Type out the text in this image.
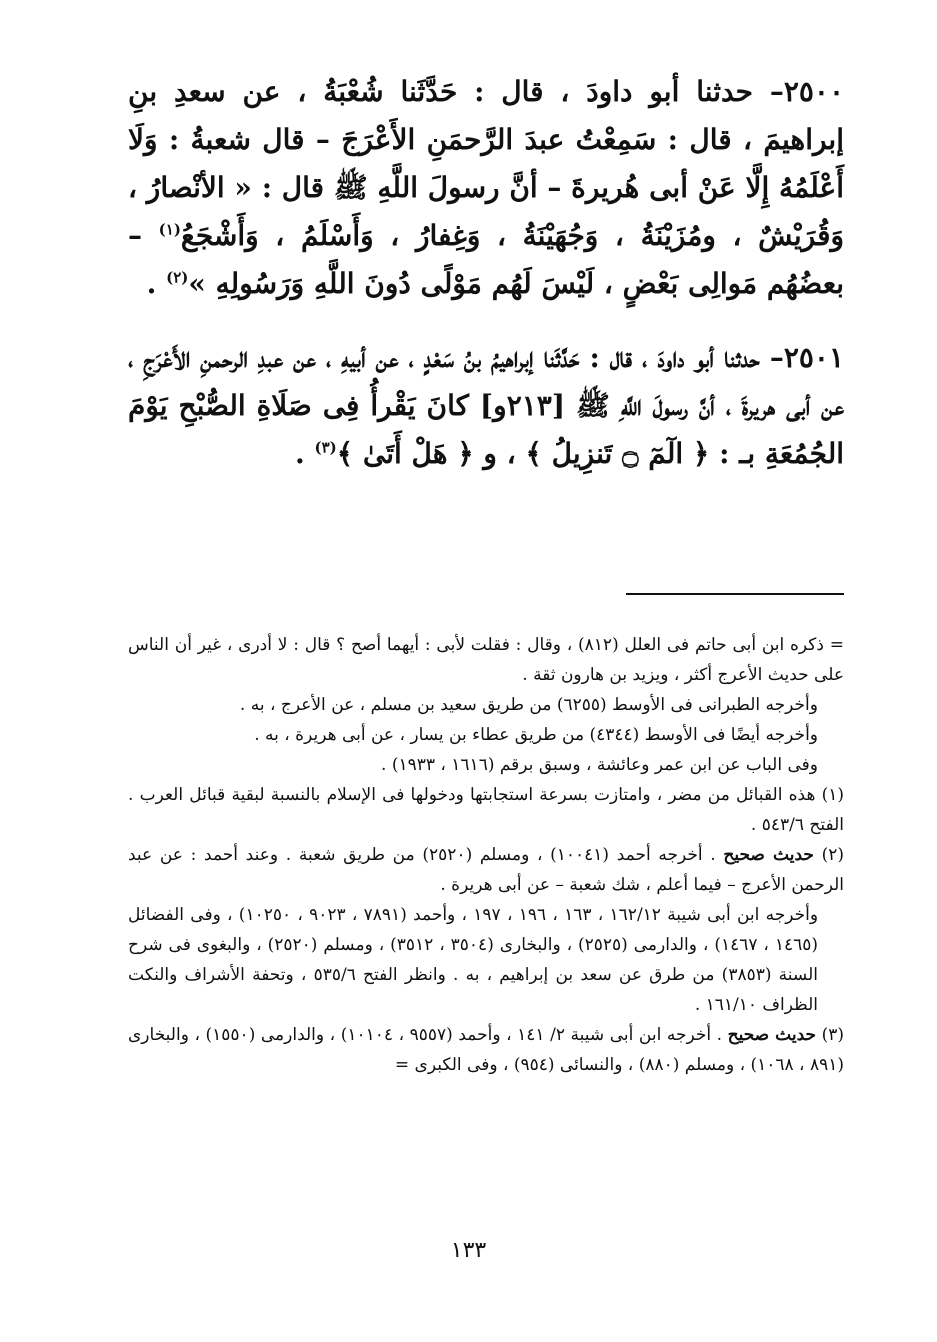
٢٥٠٠– حدثنا أبو داودَ ، قال : حَدَّثَنا شُعْبَةُ ، عن سعدِ بنِ إبراهيمَ ، قال : سَمِعْتُ عبدَ الرَّحمَنِ الأَعْرَجَ – قال شعبةُ : وَلَا أَعْلَمُهُ إِلَّا عَنْ أبى هُريرةَ – أنَّ رسولَ اللَّهِ ﷺ قال : « الأنْصارُ ، وَقُرَيْشٌ ، ومُزَيْنَةُ ، وَجُهَيْنَةُ ، وَغِفارُ ، وَأَسْلَمُ ، وَأَشْجَعُ$^{(١)}$ – بعضُهُم مَوالِى بَعْضٍ ، لَيْسَ لَهُم مَوْلًى دُونَ اللَّهِ وَرَسُولِهِ »$^{(٢)}$ .

٢٥٠١– حدثنا أبو داودَ ، قال : حَدَّثَنا إبراهيمُ بنُ سَعْدٍ ، عن أبيهِ ، عن عبدِ الرحمنِ الأَعْرَجِ ، عن أبى هريرةَ ، أنَّ رسولَ اللَّهِ ﷺ [٢١٣و] كانَ يَقْرأُ فِى صَلَاةِ الصُّبْحِ يَوْمَ الجُمُعَةِ بـ : ﴿ الٓمٓ ۝ تَنزِيلُ ﴾ ، و ﴿ هَلْ أَتَىٰ ﴾$^{(٣)}$ .

= ذكره ابن أبى حاتم فى العلل (٨١٢) ، وقال : فقلت لأبى : أيهما أصح ؟ قال : لا أدرى ، غير أن الناس على حديث الأعرج أكثر ، ويزيد بن هارون ثقة .

وأخرجه الطبرانى فى الأوسط (٦٢٥٥) من طريق سعيد بن مسلم ، عن الأعرج ، به .

وأخرجه أيضًا فى الأوسط (٤٣٤٤) من طريق عطاء بن يسار ، عن أبى هريرة ، به .

وفى الباب عن ابن عمر وعائشة ، وسبق برقم (١٦١٦ ، ١٩٣٣) .

(١) هذه القبائل من مضر ، وامتازت بسرعة استجابتها ودخولها فى الإسلام بالنسبة لبقية قبائل العرب . الفتح ٥٤٣/٦ .

(٢) حديث صحيح . أخرجه أحمد (١٠٠٤١) ، ومسلم (٢٥٢٠) من طريق شعبة . وعند أحمد : عن عبد الرحمن الأعرج – فيما أعلم ، شك شعبة – عن أبى هريرة .

وأخرجه ابن أبى شيبة ١٦٢/١٢ ، ١٦٣ ، ١٩٦ ، ١٩٧ ، وأحمد (٧٨٩١ ، ٩٠٢٣ ، ١٠٢٥٠) ، وفى الفضائل (١٤٦٥ ، ١٤٦٧) ، والدارمى (٢٥٢٥) ، والبخارى (٣٥٠٤ ، ٣٥١٢) ، ومسلم (٢٥٢٠) ، والبغوى فى شرح السنة (٣٨٥٣) من طرق عن سعد بن إبراهيم ، به . وانظر الفتح ٥٣٥/٦ ، وتحفة الأشراف والنكت الظراف ١٦١/١٠ .

(٣) حديث صحيح . أخرجه ابن أبى شيبة ٢/ ١٤١ ، وأحمد (٩٥٥٧ ، ١٠١٠٤) ، والدارمى (١٥٥٠) ، والبخارى (٨٩١ ، ١٠٦٨) ، ومسلم (٨٨٠) ، والنسائى (٩٥٤) ، وفى الكبرى =

١٣٣
